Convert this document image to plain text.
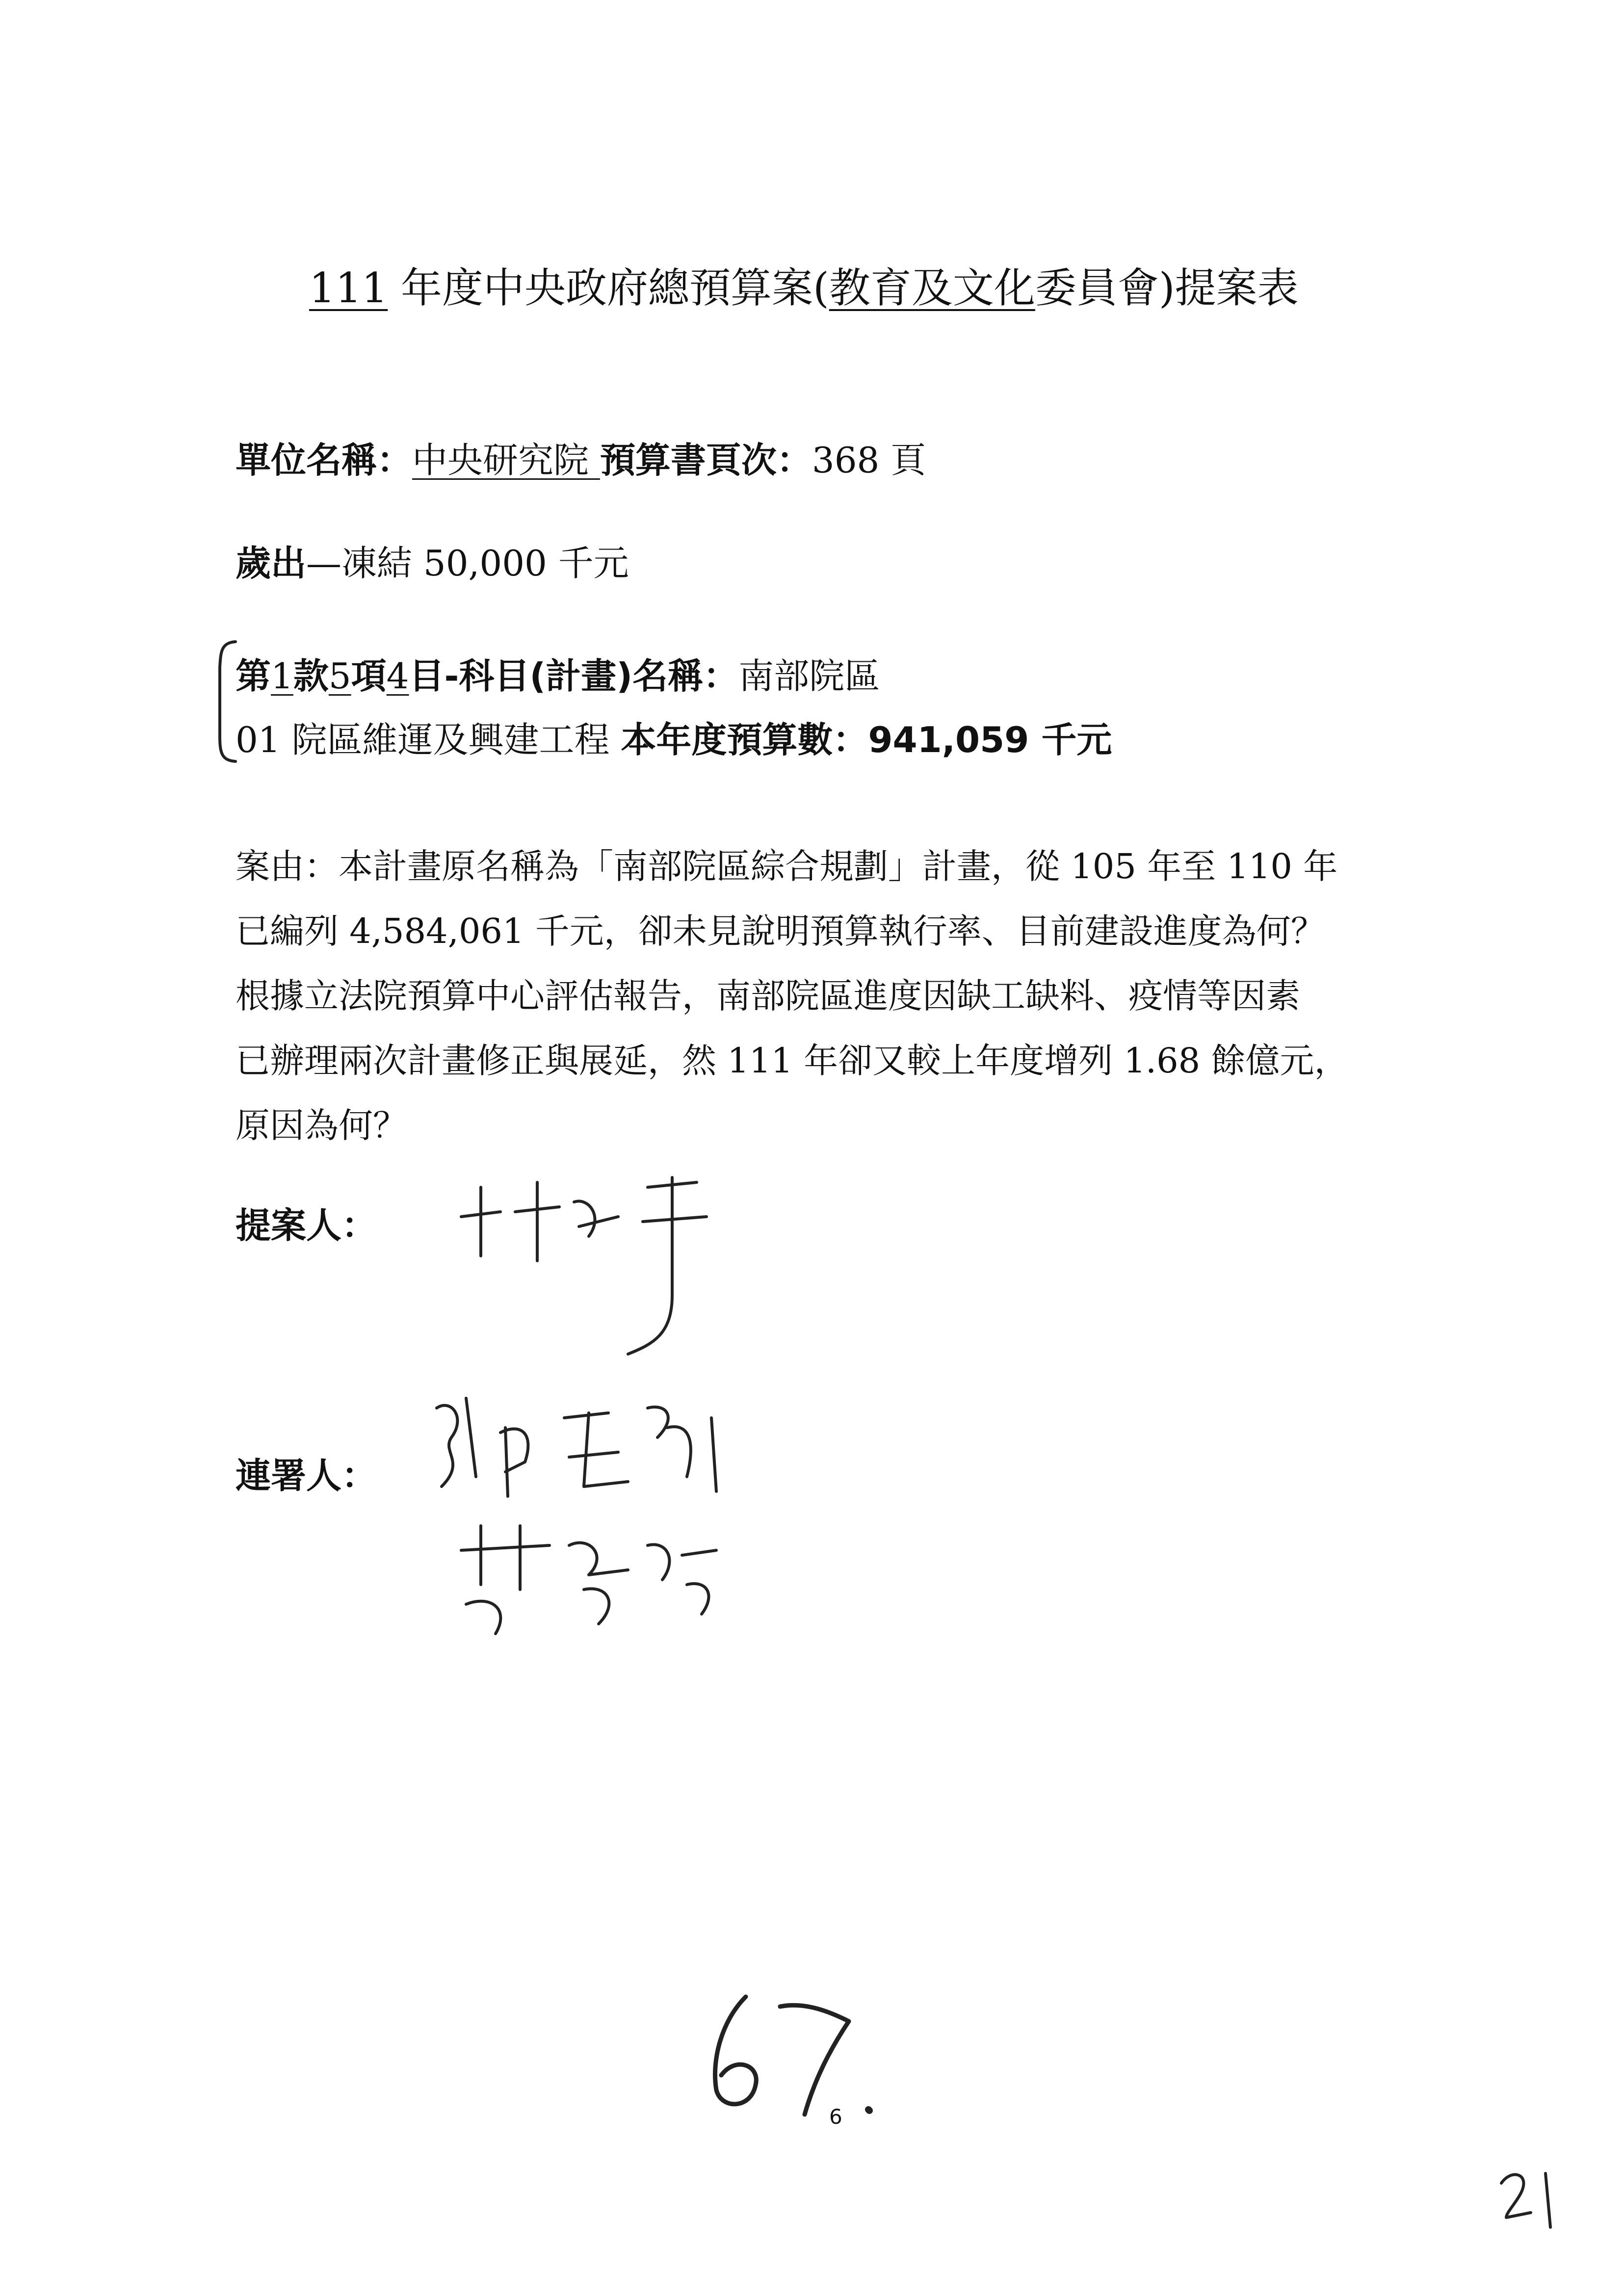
111 年度中央政府總預算案(教育及文化委員會)提案表
單位名稱：中央研究院 預算書頁次：368 頁
歲出—凍結 50,000 千元
第1款5項4目-科目(計畫)名稱：南部院區
01 院區維運及興建工程 本年度預算數：941,059 千元
案由：本計畫原名稱為「南部院區綜合規劃」計畫，從 105 年至 110 年
已編列 4,584,061 千元，卻未見說明預算執行率、目前建設進度為何？
根據立法院預算中心評估報告，南部院區進度因缺工缺料、疫情等因素
已辦理兩次計畫修正與展延，然 111 年卻又較上年度增列 1.68 餘億元，
原因為何？
提案人：
連署人：
6
